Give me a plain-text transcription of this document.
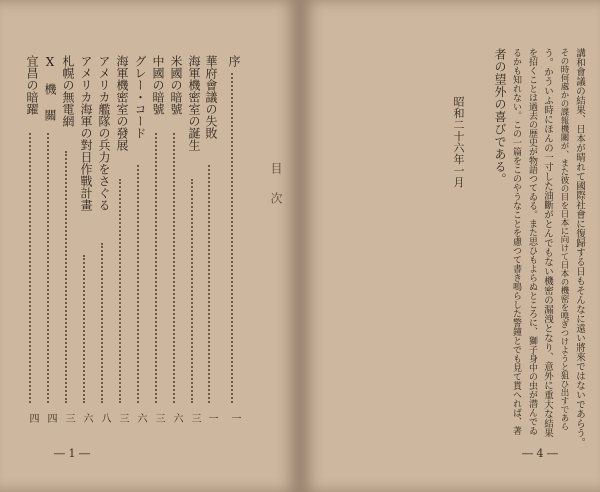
目次
序
一
華府會議の失敗
一
海軍機密室の誕生
三
米國の暗號
六
中國の暗號
三
グレー・コード
六
海軍機密室の發展
三
アメリカ艦隊の兵力をさぐる
八
アメリカ海軍の對日作戰計畫
六
札幌の無電網
三
X 機 關
四
宜昌の暗躍
四
― 1 ―
講和會議の結果、日本が晴れて國際社會に復歸する日もそんなに遠い將來ではないであらう。
その時何處かの諜報機關が、また彼の目を日本に向けて日本の機密を嗅ぎつけようと狙ひ出すであら
う。かういふ時にほんの一寸した油斷がとんでもない機密の漏洩となり、意外に重大な結果
を招くことは過去の歴史が物語つてゐる。また思ひもよらぬところに、獅子身中の虫が潜んでゐ
るかも知れない。この一篇をこのやうなことを慮つて書き鳴らした警鐘とでも見て貰へれば、著
者の望外の喜びである。
昭和二十六年一月
― 4 ―
